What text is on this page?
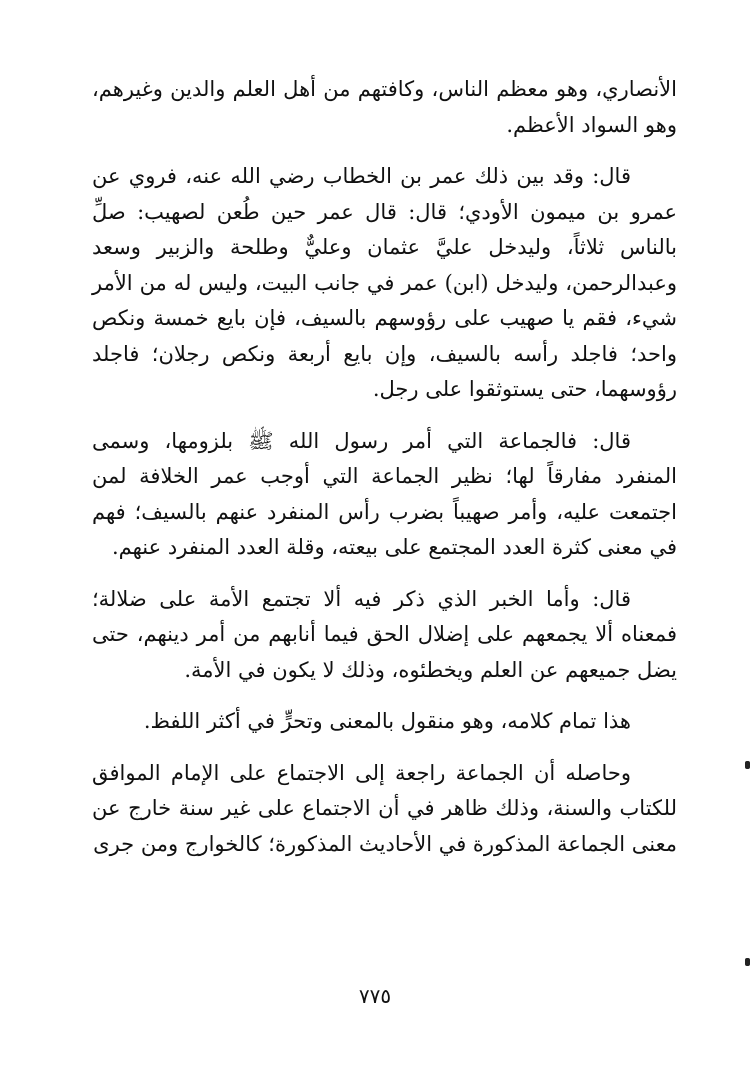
الأنصاري، وهو معظم الناس، وكافتهم من أهل العلم والدين وغيرهم، وهو السواد الأعظم.

قال: وقد بين ذلك عمر بن الخطاب رضي الله عنه، فروي عن عمرو بن ميمون الأودي؛ قال: قال عمر حين طُعن لصهيب: صلِّ بالناس ثلاثاً، وليدخل عليَّ عثمان وعليٌّ وطلحة والزبير وسعد وعبدالرحمن، وليدخل (ابن) عمر في جانب البيت، وليس له من الأمر شيء، فقم يا صهيب على رؤوسهم بالسيف، فإن بايع خمسة ونكص واحد؛ فاجلد رأسه بالسيف، وإن بايع أربعة ونكص رجلان؛ فاجلد رؤوسهما، حتى يستوثقوا على رجل.

قال: فالجماعة التي أمر رسول الله ﷺ بلزومها، وسمى المنفرد مفارقاً لها؛ نظير الجماعة التي أوجب عمر الخلافة لمن اجتمعت عليه، وأمر صهيباً بضرب رأس المنفرد عنهم بالسيف؛ فهم في معنى كثرة العدد المجتمع على بيعته، وقلة العدد المنفرد عنهم.

قال: وأما الخبر الذي ذكر فيه ألا تجتمع الأمة على ضلالة؛ فمعناه ألا يجمعهم على إضلال الحق فيما أنابهم من أمر دينهم، حتى يضل جميعهم عن العلم ويخطئوه، وذلك لا يكون في الأمة.

هذا تمام كلامه، وهو منقول بالمعنى وتحرٍّ في أكثر اللفظ.

وحاصله أن الجماعة راجعة إلى الاجتماع على الإمام الموافق للكتاب والسنة، وذلك ظاهر في أن الاجتماع على غير سنة خارج عن معنى الجماعة المذكورة في الأحاديث المذكورة؛ كالخوارج ومن جرى

٧٧٥
